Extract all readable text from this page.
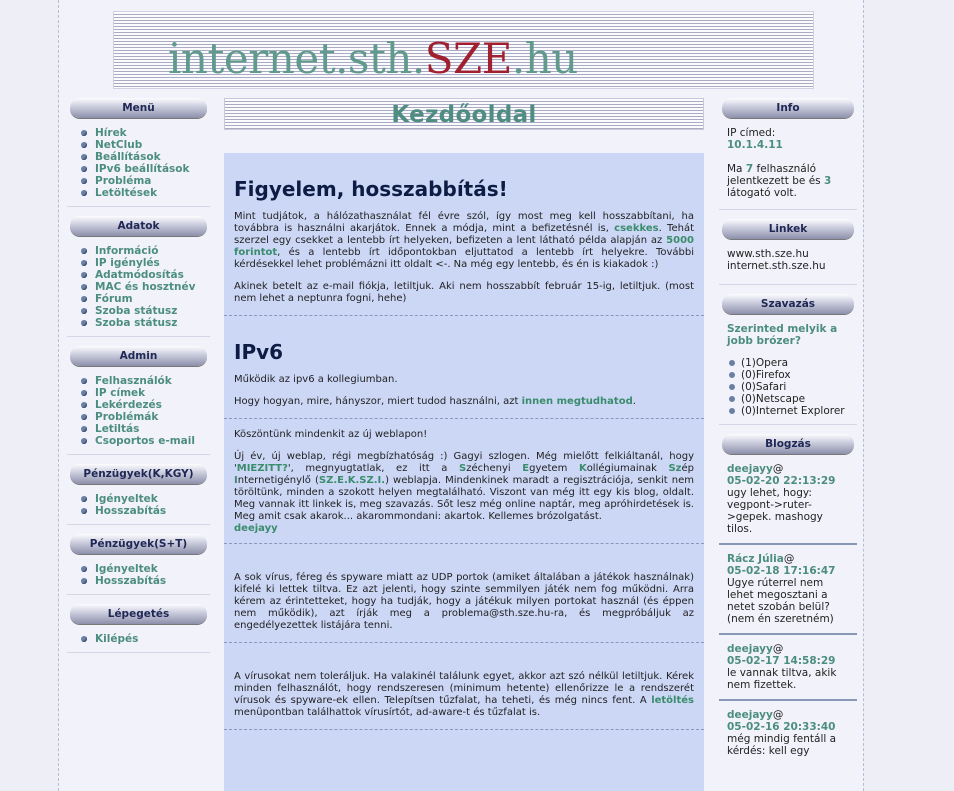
internet.sth.SZE.hu
Menü
Hírek
NetClub
Beállítások
IPv6 beállítások
Probléma
Letöltések
Adatok
Információ
IP igénylés
Adatmódosítás
MAC és hosztnév
Fórum
Szoba státusz
Szoba státusz
Admin
Felhasználók
IP címek
Lekérdezés
Problémák
Letiltás
Csoportos e-mail
Pénzügyek(K,KGY)
Igényeltek
Hosszabítás
Pénzügyek(S+T)
Igényeltek
Hosszabítás
Lépegetés
Kilépés
Kezdőoldal
Figyelem, hosszabbítás!

Mint tudjátok, a hálózathasználat fél évre szól, így most meg kell hosszabbítani, ha továbbra is használni akarjátok. Ennek a módja, mint a befizetésnél is, csekkes. Tehát szerzel egy csekket a lentebb írt helyeken, befizeten a lent látható példa alapján az 5000 forintot, és a lentebb írt időpontokban eljuttatod a lentebb írt helyekre. További kérdésekkel lehet problémázni itt oldalt <-. Na még egy lentebb, és én is kiakadok :)

Akinek betelt az e-mail fiókja, letiltjuk. Aki nem hosszabbít február 15-ig, letiltjuk. (most nem lehet a neptunra fogni, hehe)

IPv6

Működik az ipv6 a kollegiumban.

Hogy hogyan, mire, hányszor, miert tudod használni, azt innen megtudhatod.

Köszöntünk mindenkit az új weblapon!

Új év, új weblap, régi megbízhatóság :) Gagyi szlogen. Még mielőtt felkiáltanál, hogy 'MIEZITT?', megnyugtatlak, ez itt a Széchenyi Egyetem Kollégiumainak Szép Internetigénylő (SZ.E.K.SZ.I.) weblapja. Mindenkinek maradt a regisztrációja, senkit nem töröltünk, minden a szokott helyen megtalálható. Viszont van még itt egy kis blog, oldalt. Meg vannak itt linkek is, meg szavazás. Sőt lesz még online naptár, meg apróhirdetések is. Meg amit csak akarok... akarommondani: akartok. Kellemes brózolgatást.

deejayy

A sok vírus, féreg és spyware miatt az UDP portok (amiket általában a játékok használnak) kifelé ki lettek tiltva. Ez azt jelenti, hogy szinte semmilyen játék nem fog működni. Arra kérem az érintetteket, hogy ha tudják, hogy a játékuk milyen portokat használ (és éppen nem működik), azt írják meg a problema@sth.sze.hu-ra, és megpróbáljuk az engedélyezettek listájára tenni.

A vírusokat nem toleráljuk. Ha valakinél találunk egyet, akkor azt szó nélkül letiltjuk. Kérek minden felhasználót, hogy rendszeresen (minimum hetente) ellenőrizze le a rendszerét vírusok és spyware-ek ellen. Telepítsen tűzfalat, ha teheti, és még nincs fent. A letöltés menüpontban találhattok vírusírtót, ad-aware-t és tűzfalat is.

Info
IP címed:
10.1.4.11
Ma 7 felhasználó jelentkezett be és 3 látogató volt.
Linkek
www.sth.sze.hu
internet.sth.sze.hu
Szavazás
Szerinted melyik a jobb brózer?
(1)Opera
(0)Firefox
(0)Safari
(0)Netscape
(0)Internet Explorer
Blogzás
deejayy@
05-02-20 22:13:29
ugy lehet, hogy: vegpont->ruter->gepek. mashogy tilos.
Rácz Júlia@
05-02-18 17:16:47
Ugye rúterrel nem lehet megosztani a netet szobán belül? (nem én szeretném)
deejayy@
05-02-17 14:58:29
le vannak tiltva, akik nem fizettek.
deejayy@
05-02-16 20:33:40
még mindig fentáll a kérdés: kell egy
